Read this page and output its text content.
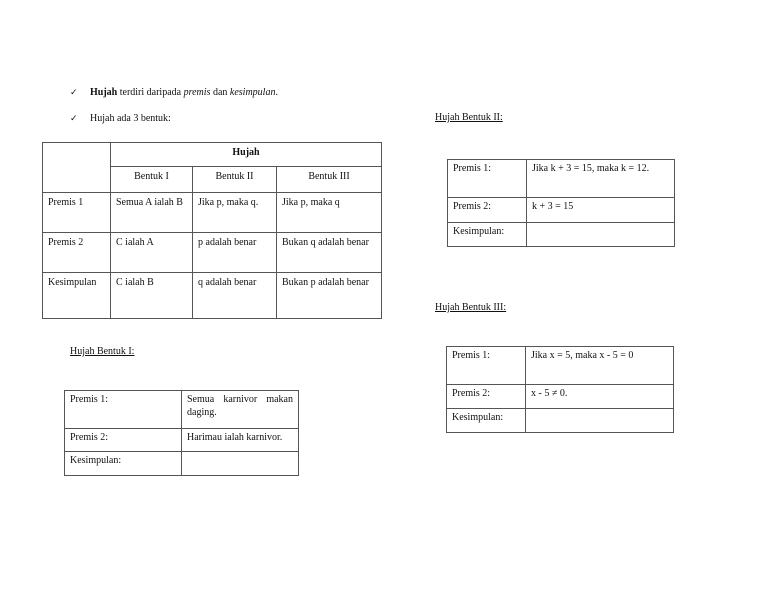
✓	Hujah terdiri daripada premis dan kesimpulan.
✓	Hujah ada 3 bentuk:
	Hujah		
	Bentuk I	Bentuk II	Bentuk III
Premis 1	Semua A ialah B	Jika p, maka q.	Jika p, maka q
Premis 2	C ialah A	p adalah benar	Bukan q adalah benar
Kesimpulan	C ialah B	q adalah benar	Bukan p adalah benar
Hujah Bentuk I:
Premis 1:	Semua karnivor makan daging.
Premis 2:	Harimau ialah karnivor.
Kesimpulan:	
Hujah Bentuk II:
Premis 1:	Jika k + 3 = 15, maka k = 12.
Premis 2:	k + 3 = 15
Kesimpulan:	
Hujah Bentuk III:
Premis 1:	Jika x = 5, maka x - 5 = 0
Premis 2:	x - 5 ≠ 0.
Kesimpulan:	
